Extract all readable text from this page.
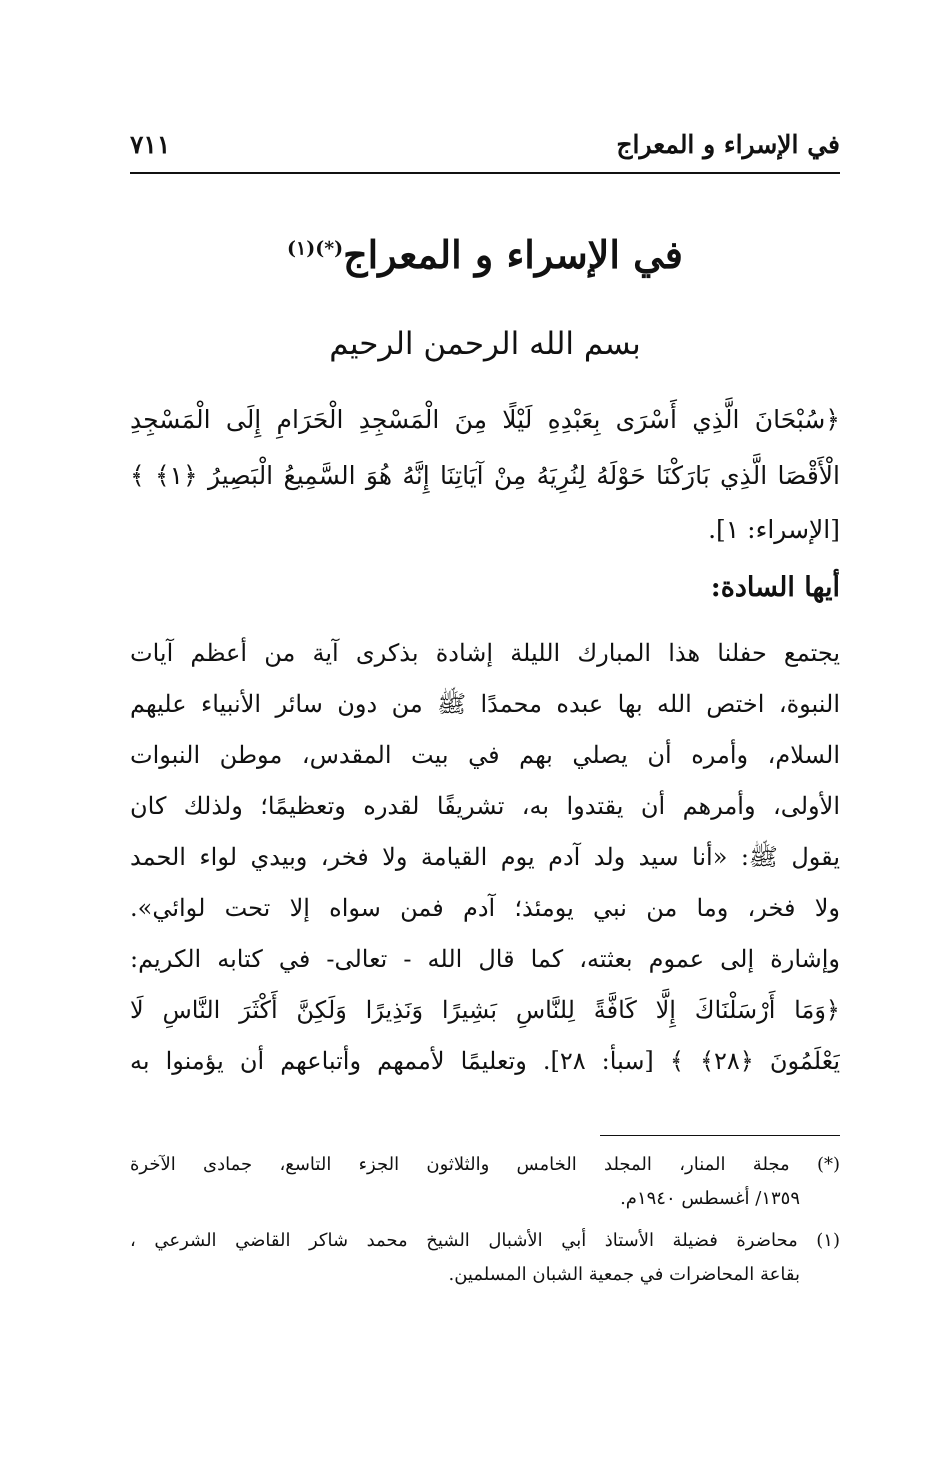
في الإسراء و المعراج
٧١١
في الإسراء و المعراج$^{(*)(١)}$
بسم الله الرحمن الرحيم
﴿سُبْحَانَ الَّذِي أَسْرَى بِعَبْدِهِ لَيْلًا مِنَ الْمَسْجِدِ الْحَرَامِ إِلَى الْمَسْجِدِ
الْأَقْصَا الَّذِي بَارَكْنَا حَوْلَهُ لِنُرِيَهُ مِنْ آيَاتِنَا إِنَّهُ هُوَ السَّمِيعُ الْبَصِيرُ ﴿١﴾ ﴾
[الإسراء: ١].
أيها السادة:
يجتمع حفلنا هذا المبارك الليلة إشادة بذكرى آية من أعظم آيات
النبوة، اختص الله بها عبده محمدًا ﷺ من دون سائر الأنبياء عليهم
السلام، وأمره أن يصلي بهم في بيت المقدس، موطن النبوات
الأولى، وأمرهم أن يقتدوا به، تشريفًا لقدره وتعظيمًا؛ ولذلك كان
يقول ﷺ: «أنا سيد ولد آدم يوم القيامة ولا فخر، وبيدي لواء الحمد
ولا فخر، وما من نبي يومئذ؛ آدم فمن سواه إلا تحت لوائي».
وإشارة إلى عموم بعثته، كما قال الله - تعالى- في كتابه الكريم:
﴿وَمَا أَرْسَلْنَاكَ إِلَّا كَافَّةً لِلنَّاسِ بَشِيرًا وَنَذِيرًا وَلَكِنَّ أَكْثَرَ النَّاسِ لَا
يَعْلَمُونَ ﴿٢٨﴾ ﴾ [سبأ: ٢٨]. وتعليمًا لأممهم وأتباعهم أن يؤمنوا به
(*) مجلة المنار، المجلد الخامس والثلاثون الجزء التاسع، جمادى الآخرة
١٣٥٩/ أغسطس ١٩٤٠م.
(١) محاضرة فضيلة الأستاذ أبي الأشبال الشيخ محمد شاكر القاضي الشرعي ،
بقاعة المحاضرات في جمعية الشبان المسلمين.
